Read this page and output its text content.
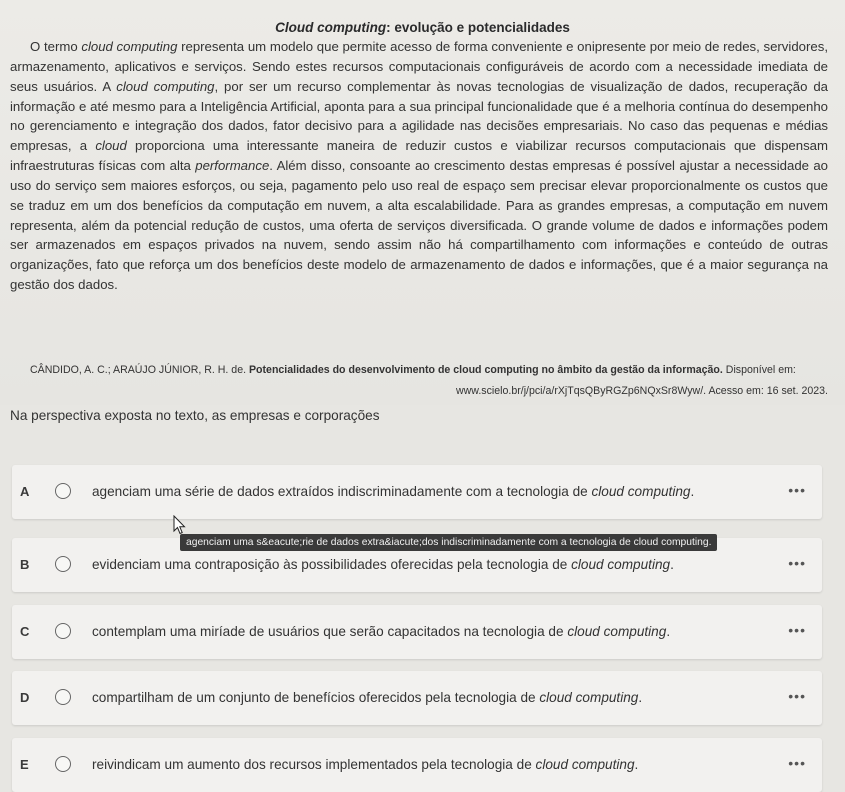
Cloud computing: evolução e potencialidades

O termo cloud computing representa um modelo que permite acesso de forma conveniente e onipresente por meio de redes, servidores, armazenamento, aplicativos e serviços. Sendo estes recursos computacionais configuráveis de acordo com a necessidade imediata de seus usuários. A cloud computing, por ser um recurso complementar às novas tecnologias de visualização de dados, recuperação da informação e até mesmo para a Inteligência Artificial, aponta para a sua principal funcionalidade que é a melhoria contínua do desempenho no gerenciamento e integração dos dados, fator decisivo para a agilidade nas decisões empresariais. No caso das pequenas e médias empresas, a cloud proporciona uma interessante maneira de reduzir custos e viabilizar recursos computacionais que dispensam infraestruturas físicas com alta performance. Além disso, consoante ao crescimento destas empresas é possível ajustar a necessidade ao uso do serviço sem maiores esforços, ou seja, pagamento pelo uso real de espaço sem precisar elevar proporcionalmente os custos que se traduz em um dos benefícios da computação em nuvem, a alta escalabilidade. Para as grandes empresas, a computação em nuvem representa, além da potencial redução de custos, uma oferta de serviços diversificada. O grande volume de dados e informações podem ser armazenados em espaços privados na nuvem, sendo assim não há compartilhamento com informações e conteúdo de outras organizações, fato que reforça um dos benefícios deste modelo de armazenamento de dados e informações, que é a maior segurança na gestão dos dados.

CÂNDIDO, A. C.; ARAÚJO JÚNIOR, R. H. de. Potencialidades do desenvolvimento de cloud computing no âmbito da gestão da informação. Disponível em:
www.scielo.br/j/pci/a/rXjTqsQByRGZp6NQxSr8Wyw/. Acesso em: 16 set. 2023.
Na perspectiva exposta no texto, as empresas e corporações
A	agenciam uma série de dados extraídos indiscriminadamente com a tecnologia de cloud computing.	•••
B	evidenciam uma contraposição às possibilidades oferecidas pela tecnologia de cloud computing.	•••
C	contemplam uma miríade de usuários que serão capacitados na tecnologia de cloud computing.	•••
D	compartilham de um conjunto de benefícios oferecidos pela tecnologia de cloud computing.	•••
E	reivindicam um aumento dos recursos implementados pela tecnologia de cloud computing.	•••
agenciam uma s&eacute;rie de dados extra&iacute;dos indiscriminadamente com a tecnologia de cloud computing.
